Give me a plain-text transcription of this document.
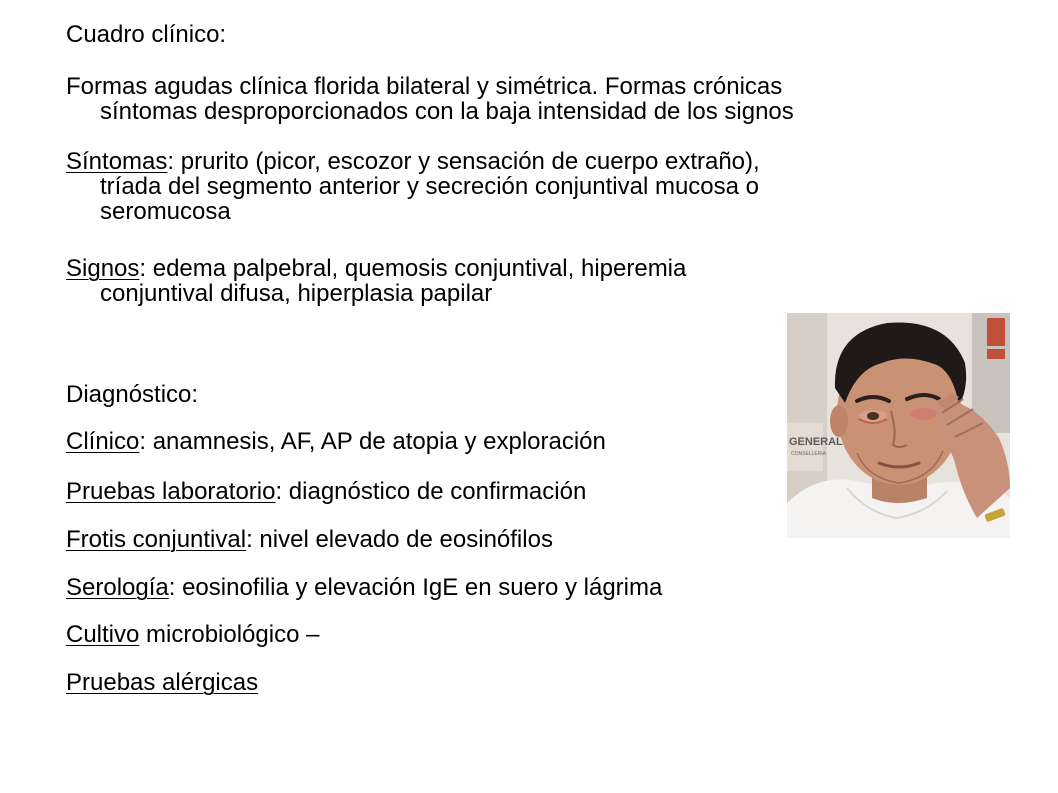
Cuadro clínico:

Formas agudas clínica florida bilateral y simétrica. Formas crónicas
síntomas desproporcionados con la baja intensidad de los signos

Síntomas: prurito (picor, escozor y sensación de cuerpo extraño),
tríada del segmento anterior y secreción conjuntival mucosa o
seromucosa

Signos: edema palpebral, quemosis conjuntival, hiperemia
conjuntival difusa, hiperplasia papilar

Diagnóstico:

Clínico: anamnesis, AF, AP de atopia y exploración

Pruebas laboratorio: diagnóstico de confirmación

Frotis conjuntival: nivel elevado de eosinófilos

Serología: eosinofilia y elevación IgE en suero y lágrima

Cultivo microbiológico –

Pruebas alérgicas

GENERAL
CONSELLERIA
